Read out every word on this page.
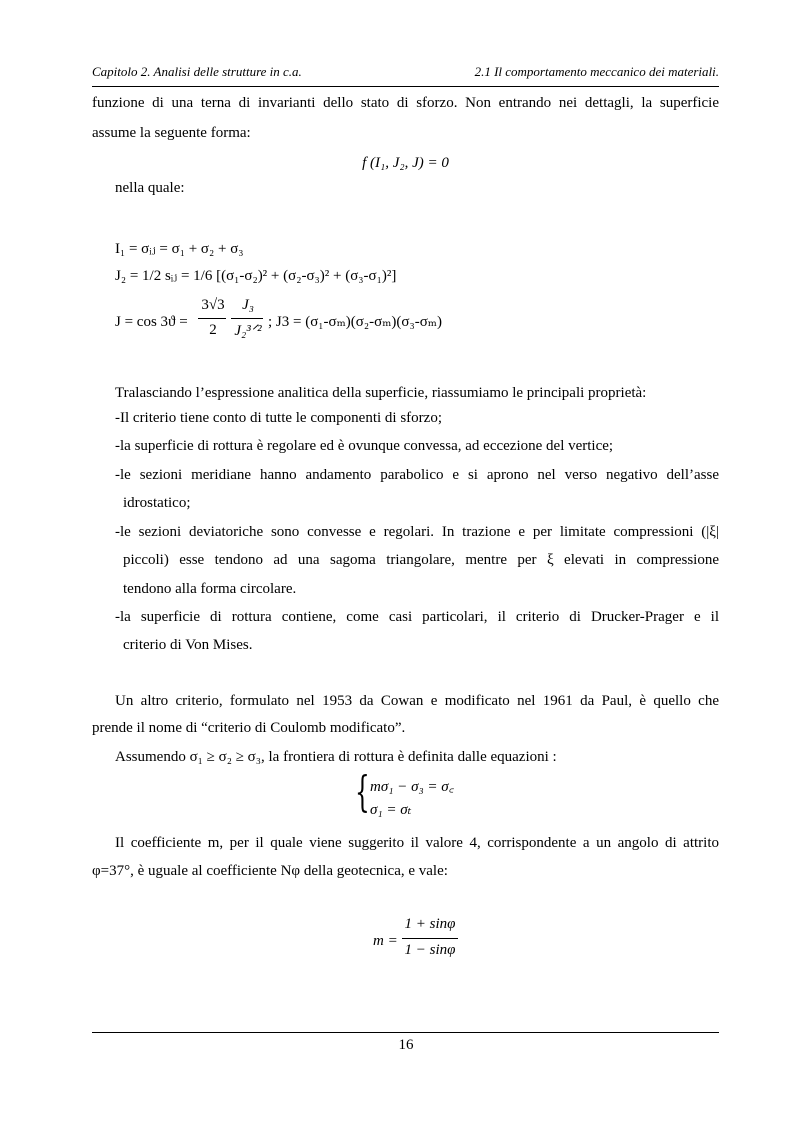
Capitolo 2. Analisi delle strutture in c.a.	2.1 Il comportamento meccanico dei materiali.
funzione di una terna di invarianti dello stato di sforzo. Non entrando nei dettagli, la superficie
assume la seguente forma:
f (I₁, J₂, J) = 0
nella quale:
I₁ = σᵢⱼ = σ₁ + σ₂ + σ₃
J₂ = 1/2 sᵢⱼ = 1/6 [(σ₁-σ₂)² + (σ₂-σ₃)² + (σ₃-σ₁)²]
J = cos 3ϑ =
3√3
2
J₃
J₂³ᐟ²
; J3 = (σ₁-σₘ)(σ₂-σₘ)(σ₃-σₘ)
Tralasciando l’espressione analitica della superficie, riassumiamo le principali proprietà:
-Il criterio tiene conto di tutte le componenti di sforzo;
-la superficie di rottura è regolare ed è ovunque convessa, ad eccezione del vertice;
-le sezioni meridiane hanno andamento parabolico e si aprono nel verso negativo dell’asse
idrostatico;
-le sezioni deviatoriche sono convesse e regolari. In trazione e per limitate compressioni (|ξ|
piccoli) esse tendono ad una sagoma triangolare, mentre per ξ elevati in compressione
tendono alla forma circolare.
-la superficie di rottura contiene, come casi particolari, il criterio di Drucker-Prager e il
criterio di Von Mises.
Un altro criterio, formulato nel 1953 da Cowan e modificato nel 1961 da Paul, è quello che
prende il nome di “criterio di Coulomb modificato”.
Assumendo σ₁ ≥ σ₂ ≥ σ₃, la frontiera di rottura è definita dalle equazioni :
{ mσ₁ − σ₃ = σ꜀
σ₁ = σₜ
Il coefficiente m, per il quale viene suggerito il valore 4, corrispondente a un angolo di attrito
φ=37°, è uguale al coefficiente Nφ della geotecnica, e vale:
m =
1 + sinφ
1 − sinφ
16
